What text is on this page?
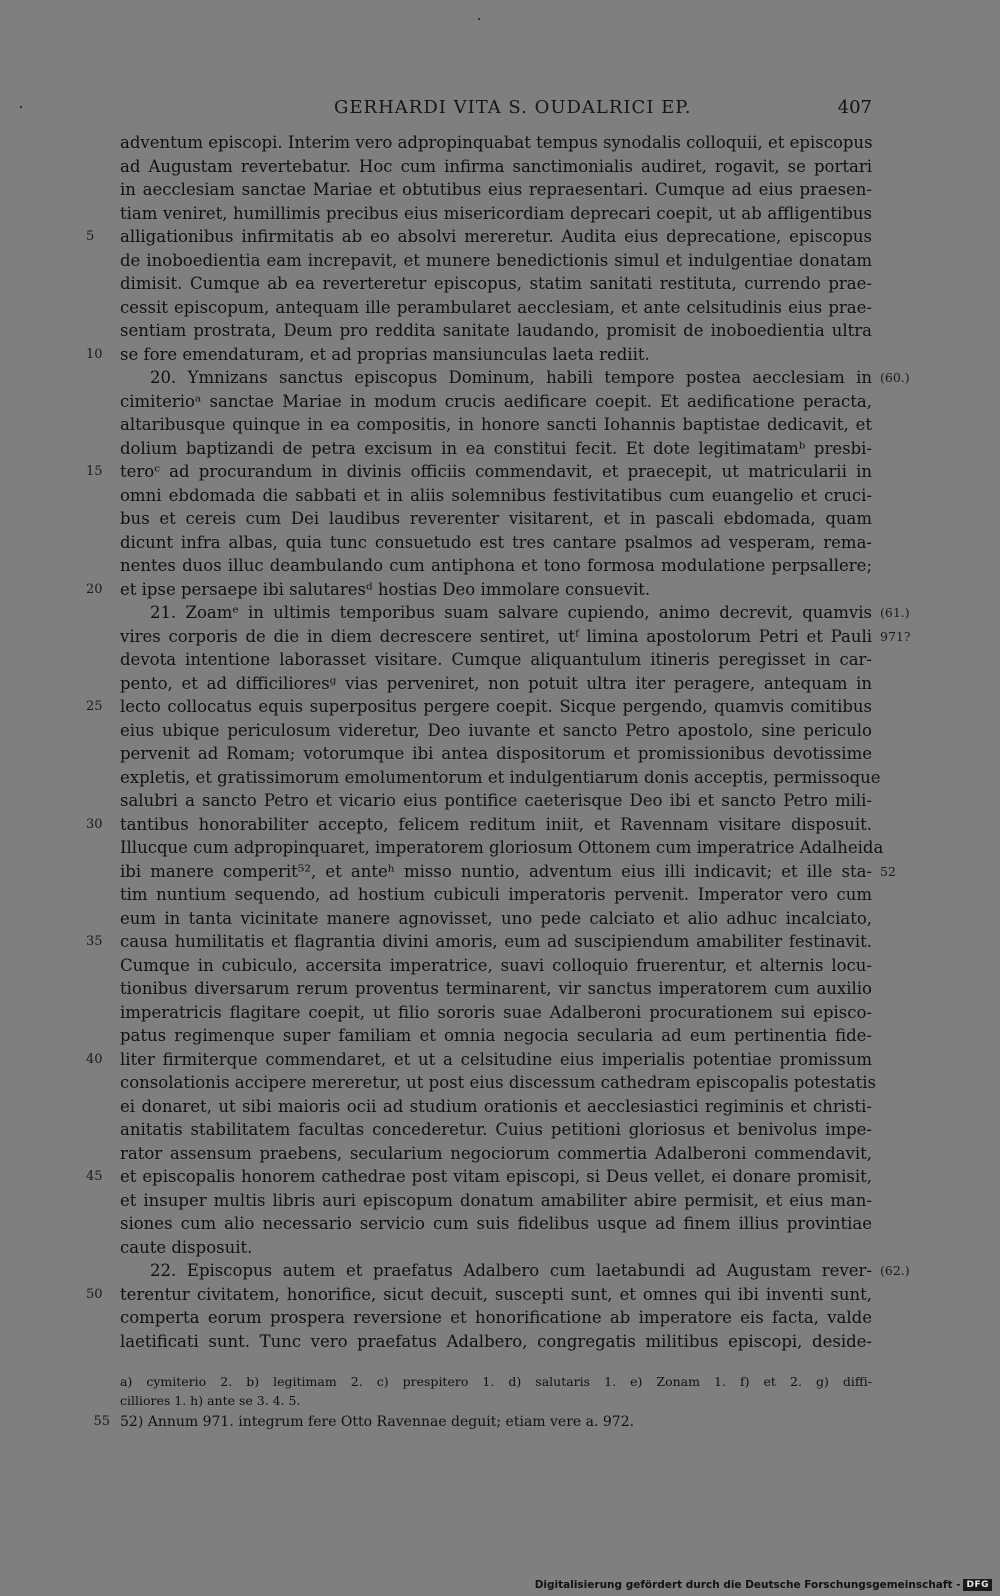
GERHARDI VITA S. OUDALRICI EP.	407
adventum episcopi. Interim vero adpropinquabat tempus synodalis colloquii, et episcopus
ad Augustam revertebatur. Hoc cum infirma sanctimonialis audiret, rogavit, se portari
in aecclesiam sanctae Mariae et obtutibus eius repraesentari. Cumque ad eius praesen-
tiam veniret, humillimis precibus eius misericordiam deprecari coepit, ut ab affligentibus
5	alligationibus infirmitatis ab eo absolvi mereretur. Audita eius deprecatione, episcopus
de inoboedientia eam increpavit, et munere benedictionis simul et indulgentiae donatam
dimisit. Cumque ab ea reverteretur episcopus, statim sanitati restituta, currendo prae-
cessit episcopum, antequam ille perambularet aecclesiam, et ante celsitudinis eius prae-
sentiam prostrata, Deum pro reddita sanitate laudando, promisit de inoboedientia ultra
10	se fore emendaturam, et ad proprias mansiunculas laeta rediit.
20. Ymnizans sanctus episcopus Dominum, habili tempore postea aecclesiam in (60.)
cimiterioᵃ sanctae Mariae in modum crucis aedificare coepit. Et aedificatione peracta,
altaribusque quinque in ea compositis, in honore sancti Iohannis baptistae dedicavit, et
dolium baptizandi de petra excisum in ea constitui fecit. Et dote legitimatamᵇ presbi-
15	teroᶜ ad procurandum in divinis officiis commendavit, et praecepit, ut matricularii in
omni ebdomada die sabbati et in aliis solemnibus festivitatibus cum euangelio et cruci-
bus et cereis cum Dei laudibus reverenter visitarent, et in pascali ebdomada, quam
dicunt infra albas, quia tunc consuetudo est tres cantare psalmos ad vesperam, rema-
nentes duos illuc deambulando cum antiphona et tono formosa modulatione perpsallere;
20	et ipse persaepe ibi salutaresᵈ hostias Deo immolare consuevit.
21. Zoamᵉ in ultimis temporibus suam salvare cupiendo, animo decrevit, quamvis (61.)
vires corporis de die in diem decrescere sentiret, utᶠ limina apostolorum Petri et Pauli 971?
devota intentione laborasset visitare. Cumque aliquantulum itineris peregisset in car-
pento, et ad difficilioresᵍ vias perveniret, non potuit ultra iter peragere, antequam in
25	lecto collocatus equis superpositus pergere coepit. Sicque pergendo, quamvis comitibus
eius ubique periculosum videretur, Deo iuvante et sancto Petro apostolo, sine periculo
pervenit ad Romam; votorumque ibi antea dispositorum et promissionibus devotissime
expletis, et gratissimorum emolumentorum et indulgentiarum donis acceptis, permissoque
salubri a sancto Petro et vicario eius pontifice caeterisque Deo ibi et sancto Petro mili-
30	tantibus honorabiliter accepto, felicem reditum iniit, et Ravennam visitare disposuit.
Illucque cum adpropinquaret, imperatorem gloriosum Ottonem cum imperatrice Adalheida
ibi manere comperit⁵², et anteʰ misso nuntio, adventum eius illi indicavit; et ille sta- 52
tim nuntium sequendo, ad hostium cubiculi imperatoris pervenit. Imperator vero cum
eum in tanta vicinitate manere agnovisset, uno pede calciato et alio adhuc incalciato,
35	causa humilitatis et flagrantia divini amoris, eum ad suscipiendum amabiliter festinavit.
Cumque in cubiculo, accersita imperatrice, suavi colloquio fruerentur, et alternis locu-
tionibus diversarum rerum proventus terminarent, vir sanctus imperatorem cum auxilio
imperatricis flagitare coepit, ut filio sororis suae Adalberoni procurationem sui episco-
patus regimenque super familiam et omnia negocia secularia ad eum pertinentia fide-
40	liter firmiterque commendaret, et ut a celsitudine eius imperialis potentiae promissum
consolationis accipere mereretur, ut post eius discessum cathedram episcopalis potestatis
ei donaret, ut sibi maioris ocii ad studium orationis et aecclesiastici regiminis et christi-
anitatis stabilitatem facultas concederetur. Cuius petitioni gloriosus et benivolus impe-
rator assensum praebens, secularium negociorum commertia Adalberoni commendavit,
45	et episcopalis honorem cathedrae post vitam episcopi, si Deus vellet, ei donare promisit,
et insuper multis libris auri episcopum donatum amabiliter abire permisit, et eius man-
siones cum alio necessario servicio cum suis fidelibus usque ad finem illius provintiae
caute disposuit.
22. Episcopus autem et praefatus Adalbero cum laetabundi ad Augustam rever- (62.)
50	terentur civitatem, honorifice, sicut decuit, suscepti sunt, et omnes qui ibi inventi sunt,
comperta eorum prospera reversione et honorificatione ab imperatore eis facta, valde
laetificati sunt. Tunc vero praefatus Adalbero, congregatis militibus episcopi, deside-
a) cymiterio 2. b) legitimam 2. c) prespitero 1. d) salutaris 1. e) Zonam 1. f) et 2. g) diffi-
cilliores 1. h) ante se 3. 4. 5.
55 52) Annum 971. integrum fere Otto Ravennae deguit; etiam vere a. 972.
Digitalisierung gefördert durch die Deutsche Forschungsgemeinschaft - DFG
